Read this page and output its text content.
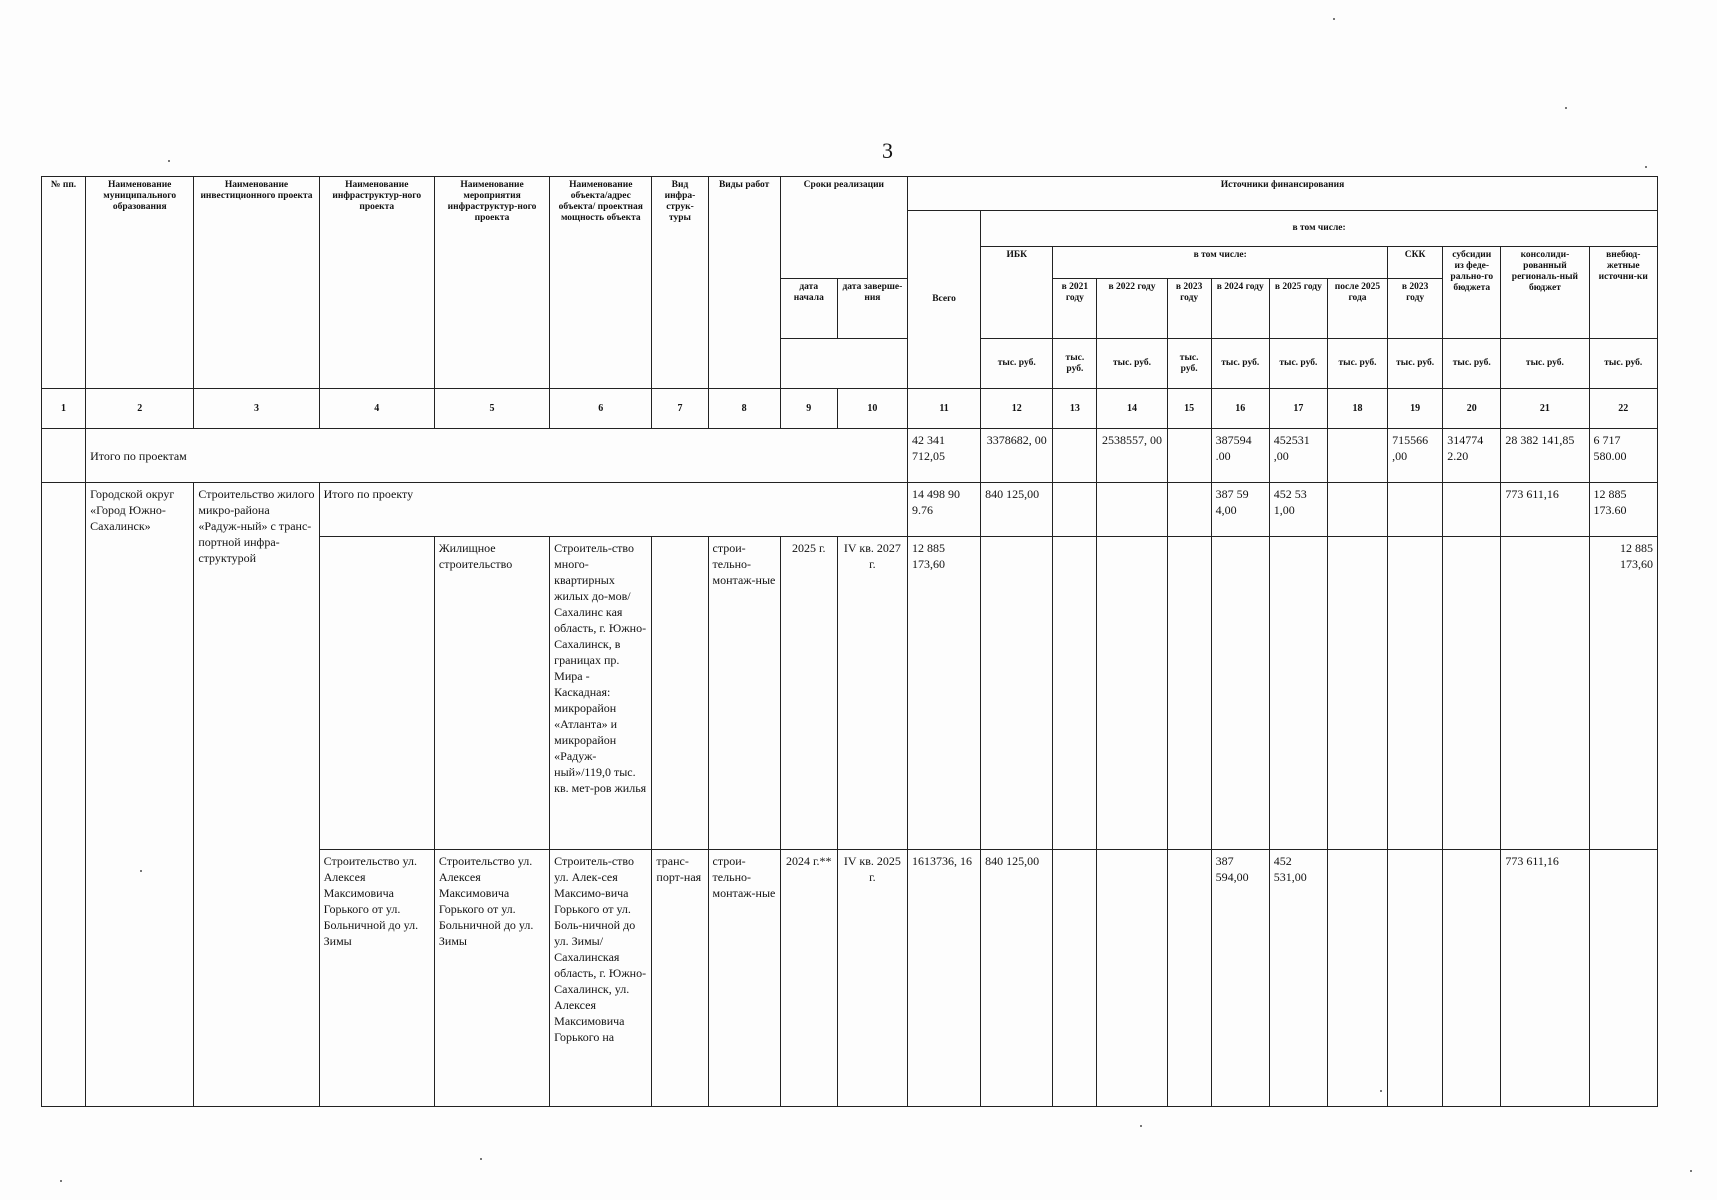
3
№ пп.	Наименование муниципального образования	Наименование инвестиционного проекта	Наименование инфраструктур-ного проекта	Наименование мероприятия инфраструктур-ного проекта	Наименование объекта/адрес объекта/ проектная мощность объекта	Вид инфра-струк-туры	Виды работ	Сроки реализации		Источники финансирования											
										Всего	в том числе:										
											ИБК	в том числе:						СКК	субсидии из феде-рально-го бюджета	консолиди-рованный региональ-ный бюджет	внебюд-жетные источни-ки
								дата начала	дата заверше-ния			в 2021 году	в 2022 году	в 2023 году	в 2024 году	в 2025 году	после 2025 года	в 2023 году			
											тыс. руб.	тыс. руб.	тыс. руб.	тыс. руб.	тыс. руб.	тыс. руб.	тыс. руб.	тыс. руб.	тыс. руб.	тыс. руб.	тыс. руб.
1	2	3	4	5	6	7	8	9	10	11	12	13	14	15	16	17	18	19	20	21	22
	Итого по проектам									42 341 712,05	3378682, 00		2538557, 00		387594 .00	452531 ,00		715566 ,00	314774 2.20	28 382 141,85	6 717 580.00
	Городской округ «Город Южно-Сахалинск»	Строительство жилого микро-района «Радуж-ный» с транс-портной инфра-структурой	Итого по проекту							14 498 90 9.76	840 125,00				387 59 4,00	452 53 1,00				773 611,16	12 885 173.60
				Жилищное строительство	Строитель-ство много-квартирных жилых до-мов/Сахалинс кая область, г. Южно-Сахалинск, в границах пр. Мира - Каскадная: микрорайон «Атланта» и микрорайон «Радуж-ный»/119,0 тыс. кв. мет-ров жилья		строи-тельно-монтаж-ные	2025 г.	IV кв. 2027 г.	12 885 173,60											12 885 173,60
			Строительство ул. Алексея Максимовича Горького от ул. Больничной до ул. Зимы	Строительство ул. Алексея Максимовича Горького от ул. Больничной до ул. Зимы	Строитель-ство ул. Алек-сея Максимо-вича Горького от ул. Боль-ничной до ул. Зимы/ Сахалинская область, г. Южно-Сахалинск, ул. Алексея Максимовича Горького на	транс-порт-ная	строи-тельно-монтаж-ные	2024 г.**	IV кв. 2025 г.	1613736, 16	840 125,00				387 594,00	452 531,00				773 611,16	
